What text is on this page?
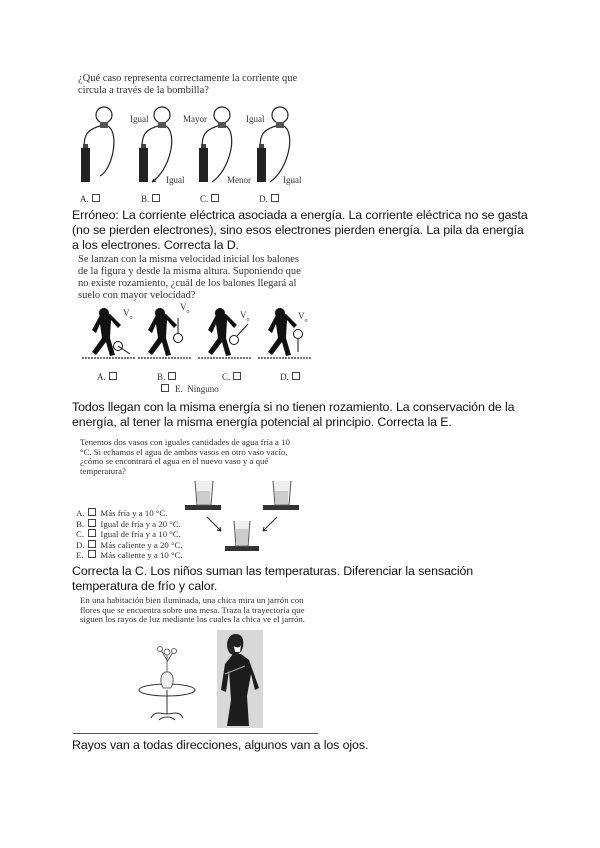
¿Qué caso representa correctamente la corriente que circula a través de la bombilla?
Igual	Mayor	Igual
Igual	Menor	Igual
A.	B.	C.	D.
Erróneo: La corriente eléctrica asociada a energía. La corriente eléctrica no se gasta (no se pierden electrones), sino esos electrones pierden energía. La pila da energía a los electrones. Correcta la D.
Se lanzan con la misma velocidad inicial los balones de la figura y desde la misma altura. Suponiendo que no existe rozamiento, ¿cuál de los balones llegará al suelo con mayor velocidad?
$V_o$
$V_o$	$V_o$	$V_o$
A.	B.	C.	D.
E. Ninguno
Todos llegan con la misma energía si no tienen rozamiento. La conservación de la energía, al tener la misma energía potencial al principio. Correcta la E.
Tenemos dos vasos con iguales cantidades de agua fría a 10 °C. Si echamos el agua de ambos vasos en otro vaso vacío, ¿cómo se encontrará el agua en el nuevo vaso y a qué temperatura?
A. Más fría y a 10 °C.
B. Igual de fría y a 20 °C.
C. Igual de fría y a 10 °C.
D. Más caliente y a 20 °C.
E. Más caliente y a 10 °C.
Correcta la C. Los niños suman las temperaturas. Diferenciar la sensación temperatura de frío y calor.
En una habitación bien iluminada, una chica mira un jarrón con flores que se encuentra sobre una mesa. Traza la trayectoria que siguen los rayos de luz mediante los cuales la chica ve el jarrón.
Rayos van a todas direcciones, algunos van a los ojos.
